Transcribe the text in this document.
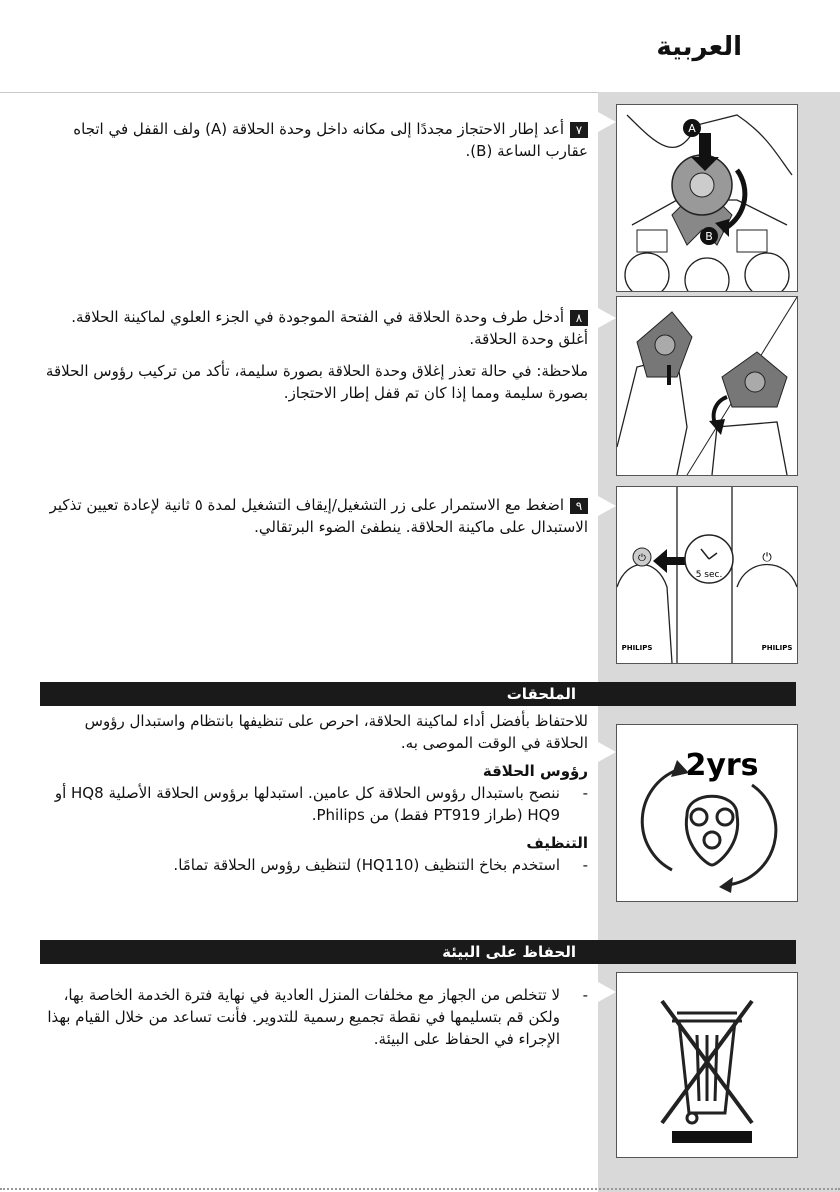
العربية
A
B
⏻	⏻
5 sec.
PHILIPS	PHILIPS

٧أعد إطار الاحتجاز مجددًا إلى مكانه داخل وحدة الحلاقة (A) ولف القفل في اتجاه عقارب الساعة (B).

٨أدخل طرف وحدة الحلاقة في الفتحة الموجودة في الجزء العلوي لماكينة الحلاقة. أغلق وحدة الحلاقة.

ملاحظة: في حالة تعذر إغلاق وحدة الحلاقة بصورة سليمة، تأكد من تركيب رؤوس الحلاقة بصورة سليمة ومما إذا كان تم قفل إطار الاحتجاز.

٩اضغط مع الاستمرار على زر التشغيل/إيقاف التشغيل لمدة ٥ ثانية لإعادة تعيين تذكير الاستبدال على ماكينة الحلاقة. ينطفئ الضوء البرتقالي.

الملحقات
2yrs

للاحتفاظ بأفضل أداء لماكينة الحلاقة، احرص على تنظيفها بانتظام واستبدال رؤوس الحلاقة في الوقت الموصى به.

رؤوس الحلاقة

-
ننصح باستبدال رؤوس الحلاقة كل عامين. استبدلها برؤوس الحلاقة الأصلية HQ8 أو HQ9 (طراز PT919 فقط) من Philips.

التنظيف

-
استخدم بخاخ التنظيف (HQ110) لتنظيف رؤوس الحلاقة تمامًا.

الحفاظ على البيئة

-
لا تتخلص من الجهاز مع مخلفات المنزل العادية في نهاية فترة الخدمة الخاصة بها، ولكن قم بتسليمها في نقطة تجميع رسمية للتدوير. فأنت تساعد من خلال القيام بهذا الإجراء في الحفاظ على البيئة.
